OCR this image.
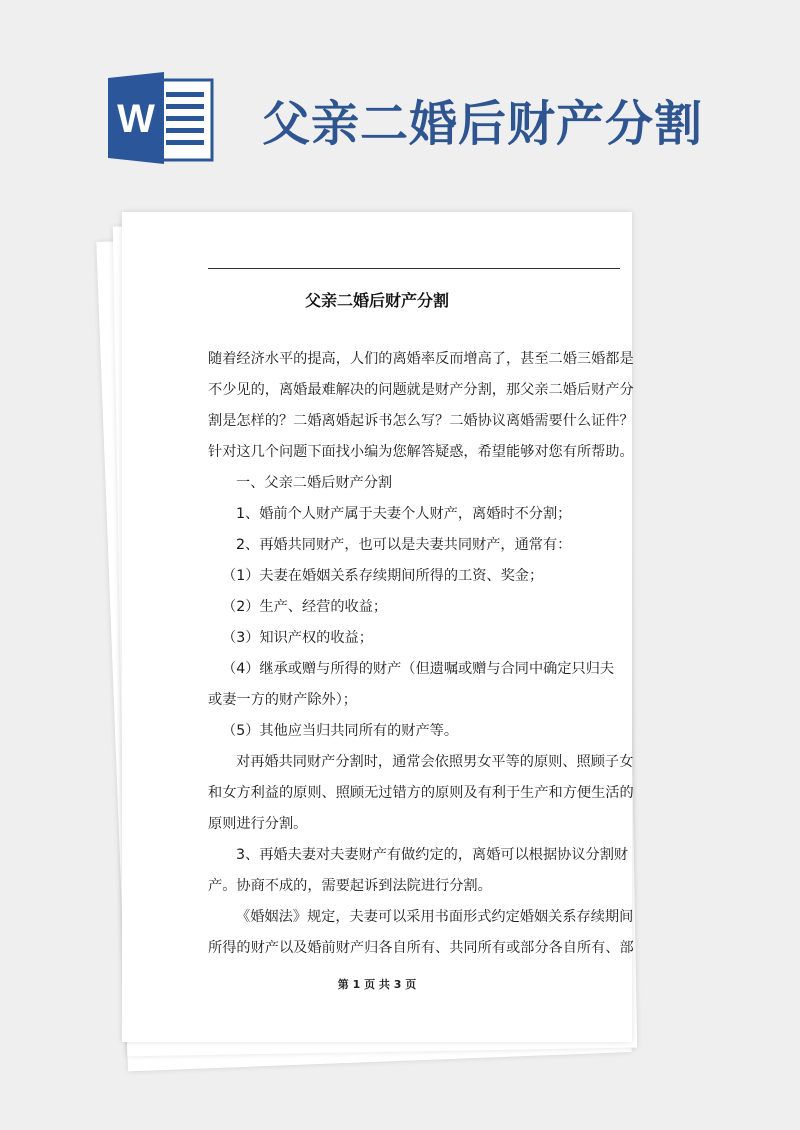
W 父亲二婚后财产分割
父亲二婚后财产分割
随着经济水平的提高，人们的离婚率反而增高了，甚至二婚三婚都是
不少见的，离婚最难解决的问题就是财产分割，那父亲二婚后财产分
割是怎样的？二婚离婚起诉书怎么写？二婚协议离婚需要什么证件？
针对这几个问题下面找小编为您解答疑惑，希望能够对您有所帮助。
一、父亲二婚后财产分割
1、婚前个人财产属于夫妻个人财产，离婚时不分割；
2、再婚共同财产，也可以是夫妻共同财产，通常有：
（1）夫妻在婚姻关系存续期间所得的工资、奖金；
（2）生产、经营的收益；
（3）知识产权的收益；
（4）继承或赠与所得的财产（但遗嘱或赠与合同中确定只归夫
或妻一方的财产除外）；
（5）其他应当归共同所有的财产等。
对再婚共同财产分割时，通常会依照男女平等的原则、照顾子女
和女方利益的原则、照顾无过错方的原则及有利于生产和方便生活的
原则进行分割。
3、再婚夫妻对夫妻财产有做约定的，离婚可以根据协议分割财
产。协商不成的，需要起诉到法院进行分割。
《婚姻法》规定，夫妻可以采用书面形式约定婚姻关系存续期间
所得的财产以及婚前财产归各自所有、共同所有或部分各自所有、部
第 1 页 共 3 页
